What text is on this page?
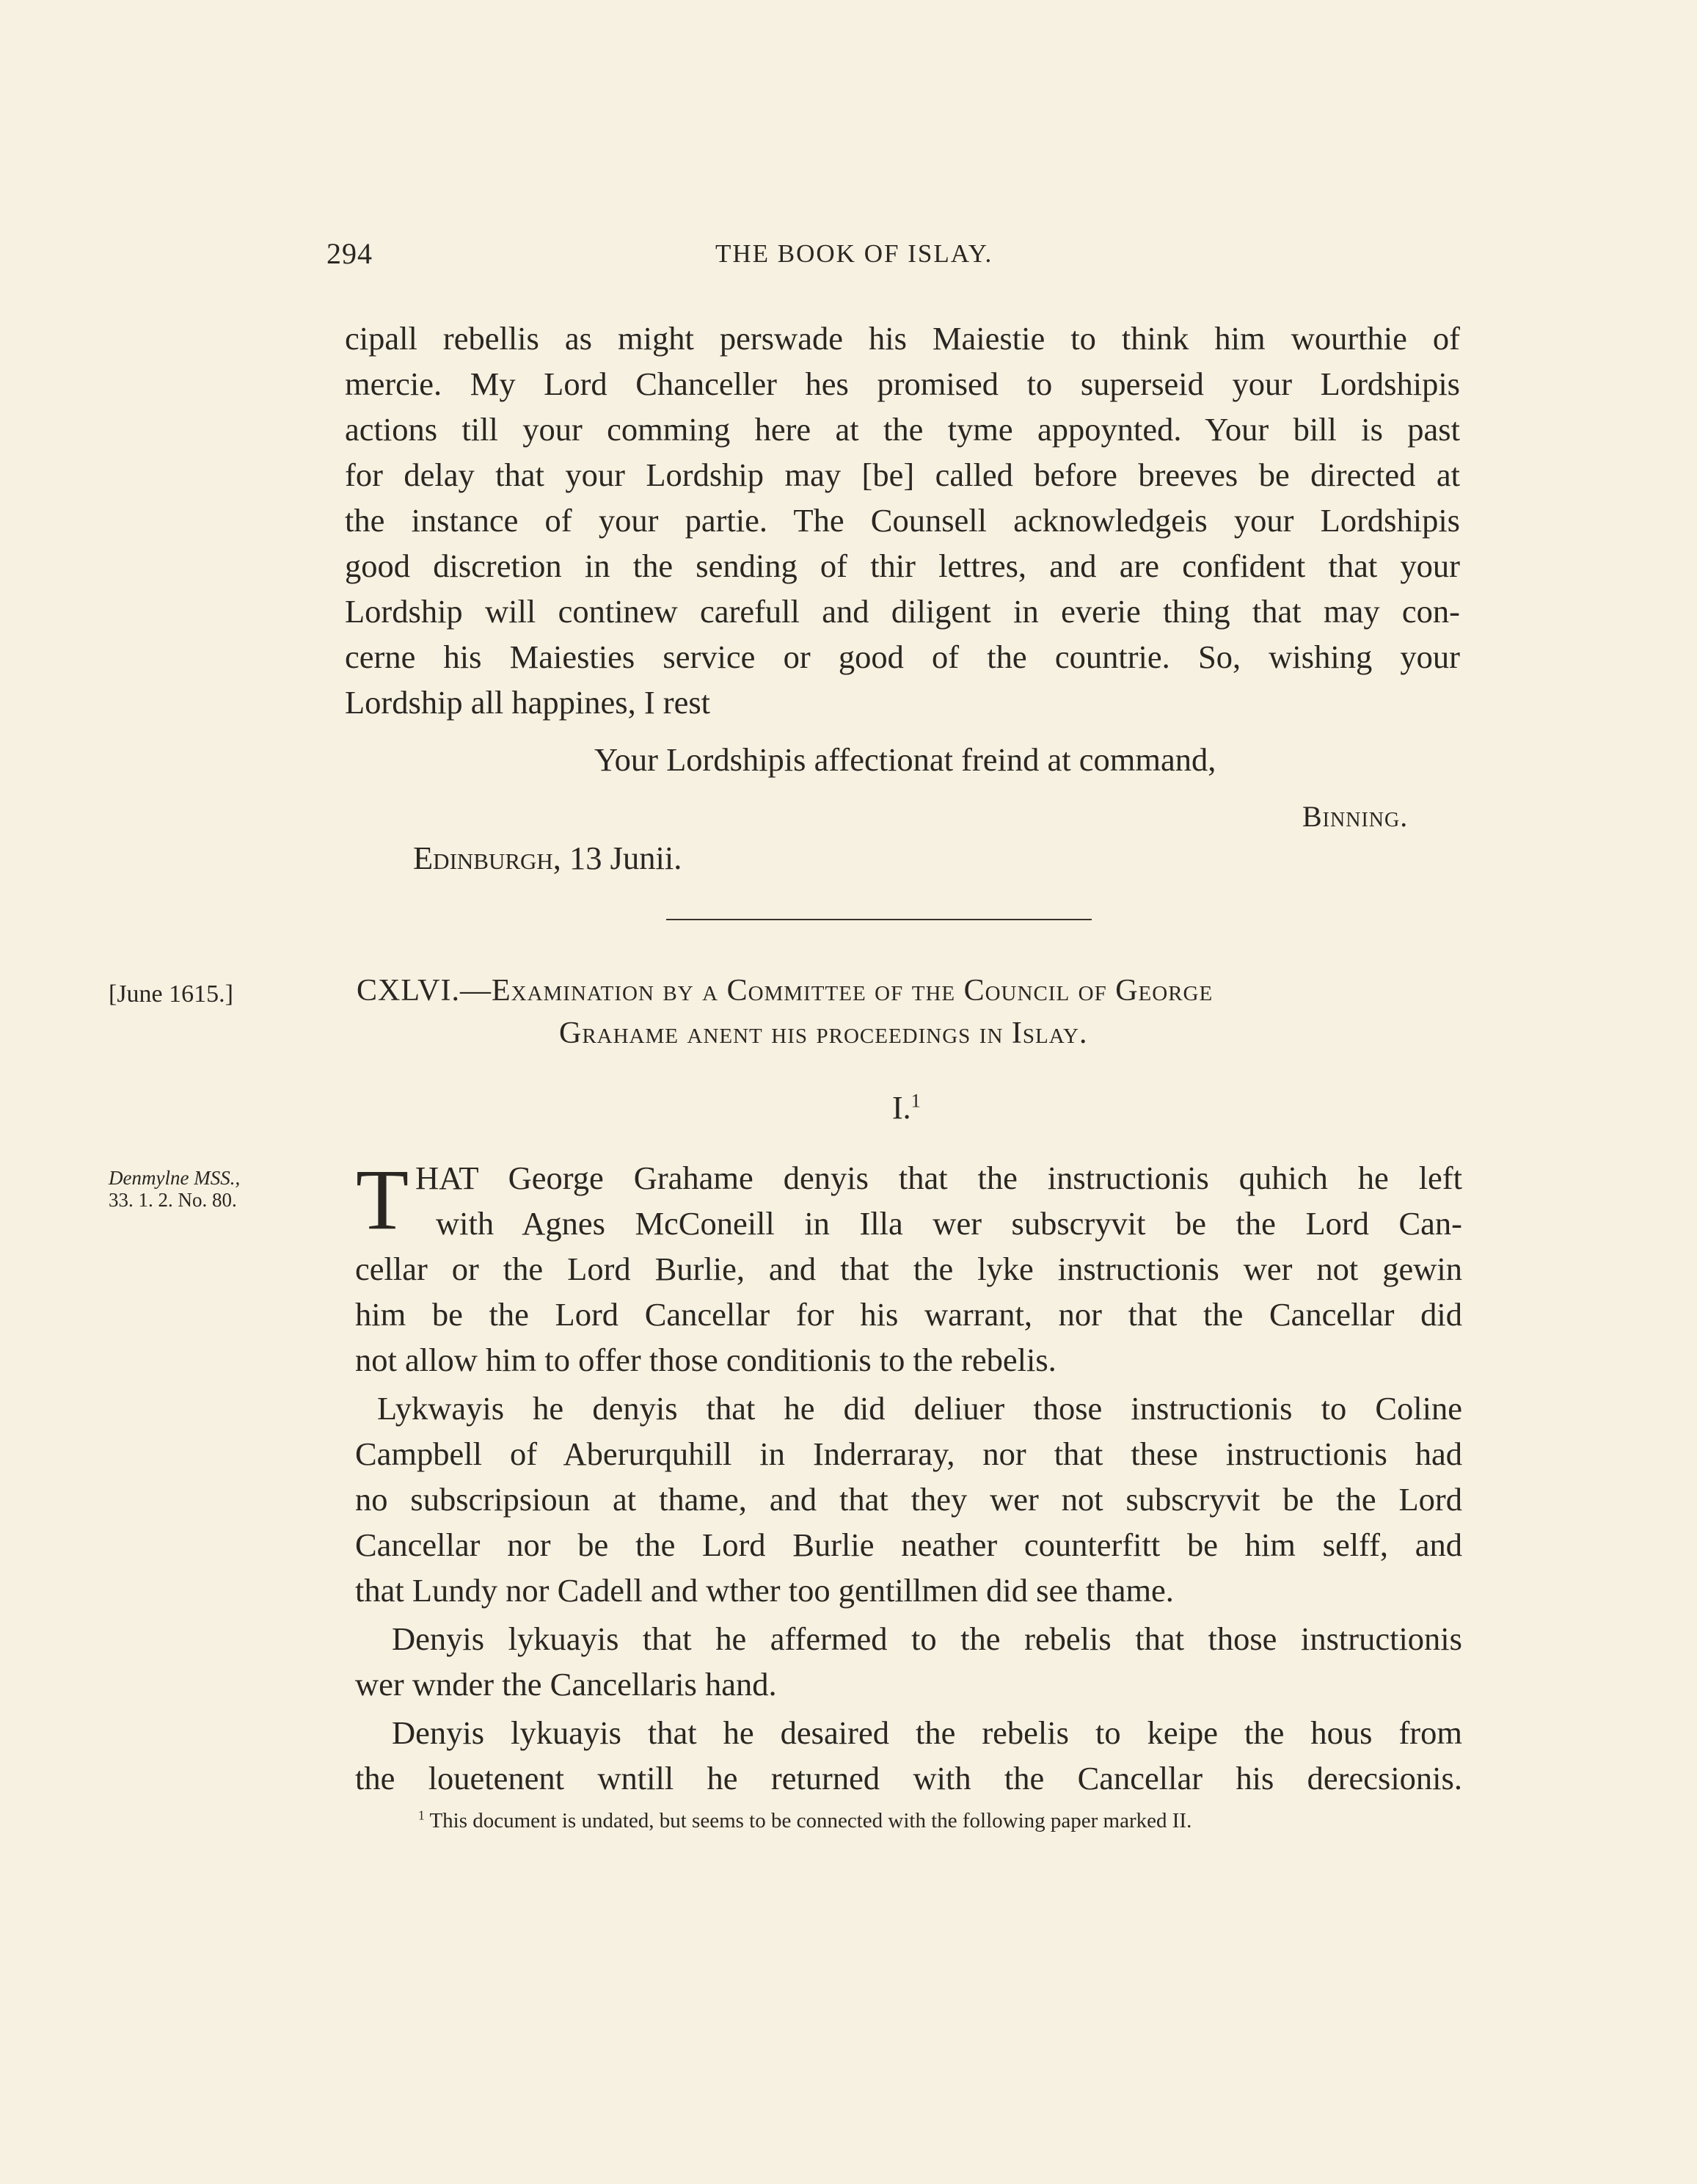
294	THE BOOK OF ISLAY.
cipall rebellis as might perswade his Maiestie to think him wourthie of
mercie. My Lord Chanceller hes promised to superseid your Lordshipis
actions till your comming here at the tyme appoynted. Your bill is past
for delay that your Lordship may [be] called before breeves be directed at
the instance of your partie. The Counsell acknowledgeis your Lordshipis
good discretion in the sending of thir lettres, and are confident that your
Lordship will continew carefull and diligent in everie thing that may con-
cerne his Maiesties service or good of the countrie. So, wishing your
Lordship all happines, I rest
Your Lordshipis affectionat freind at command,
Binning.
Edinburgh, 13 Junii.
[June 1615.]	CXLVI.—Examination by a Committee of the Council of George
Grahame anent his proceedings in Islay.
I.$^1$
Denmylne MSS.,
33. 1. 2. No. 80. T HAT George Grahame denyis that the instructionis quhich he left
with Agnes McConeill in Illa wer subscryvit be the Lord Can-
cellar or the Lord Burlie, and that the lyke instructionis wer not gewin
him be the Lord Cancellar for his warrant, nor that the Cancellar did
not allow him to offer those conditionis to the rebelis.
Lykwayis he denyis that he did deliuer those instructionis to Coline
Campbell of Aberurquhill in Inderraray, nor that these instructionis had
no subscripsioun at thame, and that they wer not subscryvit be the Lord
Cancellar nor be the Lord Burlie neather counterfitt be him selff, and
that Lundy nor Cadell and wther too gentillmen did see thame.
Denyis lykuayis that he affermed to the rebelis that those instructionis
wer wnder the Cancellaris hand.
Denyis lykuayis that he desaired the rebelis to keipe the hous from
the louetenent wntill he returned with the Cancellar his derecsionis.
$^1$ This document is undated, but seems to be connected with the following paper marked II.
